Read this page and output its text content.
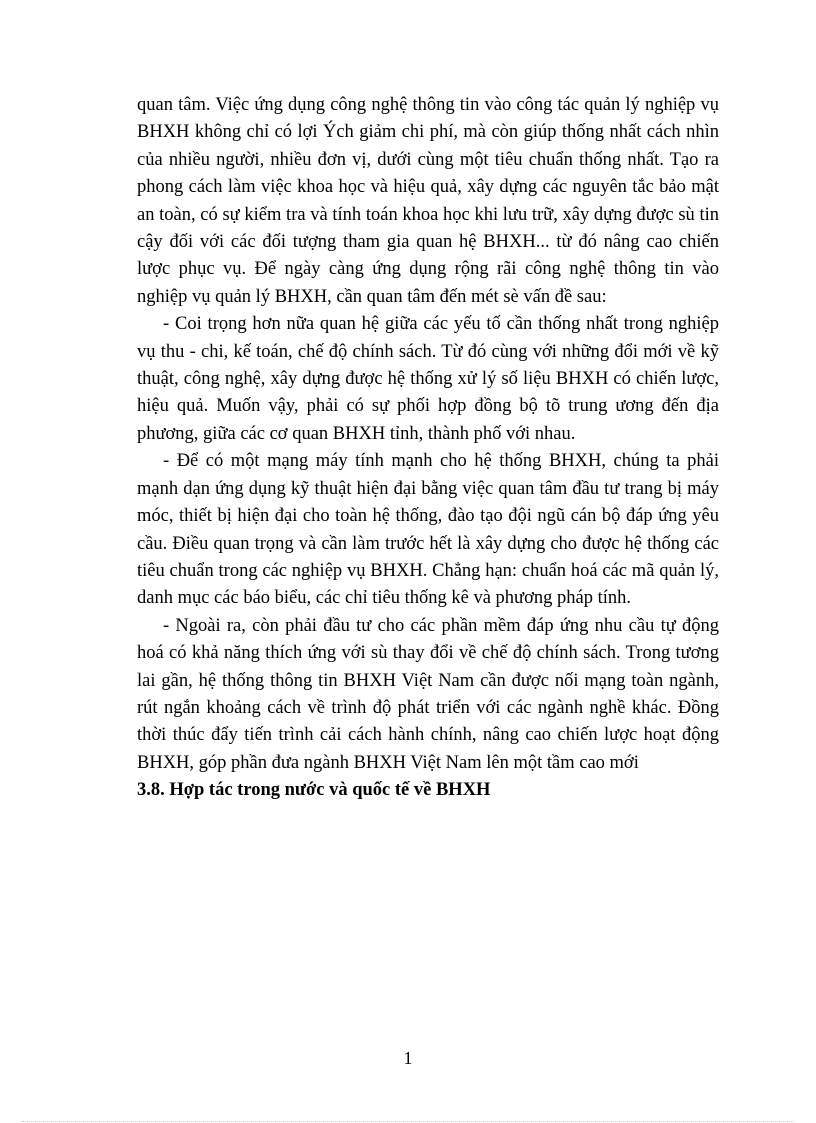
quan tâm. Việc ứng dụng công nghệ thông tin vào công tác quản lý nghiệp vụ BHXH không chỉ có lợi Ých giảm chi phí, mà còn giúp thống nhất cách nhìn của nhiều người, nhiều đơn vị, dưới cùng một tiêu chuẩn thống nhất. Tạo ra phong cách làm việc khoa học và hiệu quả, xây dựng các nguyên tắc bảo mật an toàn, có sự kiểm tra và tính toán khoa học khi lưu trữ, xây dựng được sù tin cậy đối với các đối tượng tham gia quan hệ BHXH... từ đó nâng cao chiến lược phục vụ. Để ngày càng ứng dụng rộng rãi công nghệ thông tin vào nghiệp vụ quản lý BHXH, cần quan tâm đến mét sè vấn đề sau:

- Coi trọng hơn nữa quan hệ giữa các yếu tố cần thống nhất trong nghiệp vụ thu - chi, kế toán, chế độ chính sách. Từ đó cùng với những đổi mới về kỹ thuật, công nghệ, xây dựng được hệ thống xử lý số liệu BHXH có chiến lược, hiệu quả. Muốn vậy, phải có sự phối hợp đồng bộ tõ trung ương đến địa phương, giữa các cơ quan BHXH tỉnh, thành phố với nhau.

- Để có một mạng máy tính mạnh cho hệ thống BHXH, chúng ta phải mạnh dạn ứng dụng kỹ thuật hiện đại bằng việc quan tâm đầu tư trang bị máy móc, thiết bị hiện đại cho toàn hệ thống, đào tạo đội ngũ cán bộ đáp ứng yêu cầu. Điều quan trọng và cần làm trước hết là xây dựng cho được hệ thống các tiêu chuẩn trong các nghiệp vụ BHXH. Chẳng hạn: chuẩn hoá các mã quản lý, danh mục các báo biểu, các chỉ tiêu thống kê và phương pháp tính.

- Ngoài ra, còn phải đầu tư cho các phần mềm đáp ứng nhu cầu tự động hoá có khả năng thích ứng với sù thay đổi về chế độ chính sách. Trong tương lai gần, hệ thống thông tin BHXH Việt Nam cần được nối mạng toàn ngành, rút ngắn khoảng cách về trình độ phát triển với các ngành nghề khác. Đồng thời thúc đẩy tiến trình cải cách hành chính, nâng cao chiến lược hoạt động BHXH, góp phần đưa ngành BHXH Việt Nam lên một tầm cao mới

3.8. Hợp tác trong nước và quốc tế về BHXH

1
